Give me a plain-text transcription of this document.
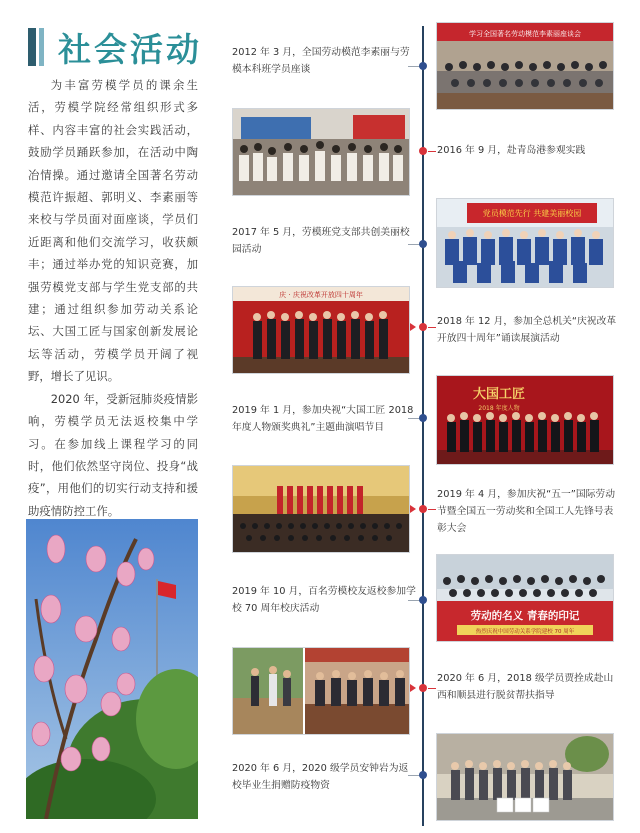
社会活动

为丰富劳模学员的课余生活，劳模学院经常组织形式多样、内容丰富的社会实践活动，鼓励学员踊跃参加，在活动中陶冶情操。通过邀请全国著名劳动模范许振超、郭明义、李素丽等来校与学员面对面座谈，学员们近距离和他们交流学习，收获颇丰；通过举办党的知识竞赛，加强劳模党支部与学生党支部的共建；通过组织参加劳动关系论坛、大国工匠与国家创新发展论坛等活动，劳模学员开阔了视野，增长了见识。

2020 年，受新冠肺炎疫情影响，劳模学员无法返校集中学习。在参加线上课程学习的同时，他们依然坚守岗位、投身“战疫”，用他们的切实行动支持和援助疫情防控工作。

2012 年 3 月，全国劳动模范李素丽与劳模本科班学员座谈
学习全国著名劳动模范李素丽座谈会
2016 年 9 月，赴青岛港参观实践
2017 年 5 月，劳模班党支部共创美丽校园活动
党员模范先行 共建美丽校园
庆 · 庆祝改革开放四十周年
2018 年 12 月，参加全总机关“庆祝改革开放四十周年”诵读展演活动
2019 年 1 月，参加央视“大国工匠 2018 年度人物颁奖典礼”主题曲演唱节目
大国工匠
2018 年度人物
2019 年 4 月，参加庆祝“五一”国际劳动节暨全国五一劳动奖和全国工人先锋号表彰大会
2019 年 10 月，百名劳模校友返校参加学校 70 周年校庆活动
劳动的名义 青春的印记
热烈庆祝中国劳动关系学院建校 70 周年
2020 年 6 月，2018 级学员贾拴成赴山西和顺县进行脱贫帮扶指导
2020 年 6 月，2020 级学员安钟岩为返校毕业生捐赠防疫物资
